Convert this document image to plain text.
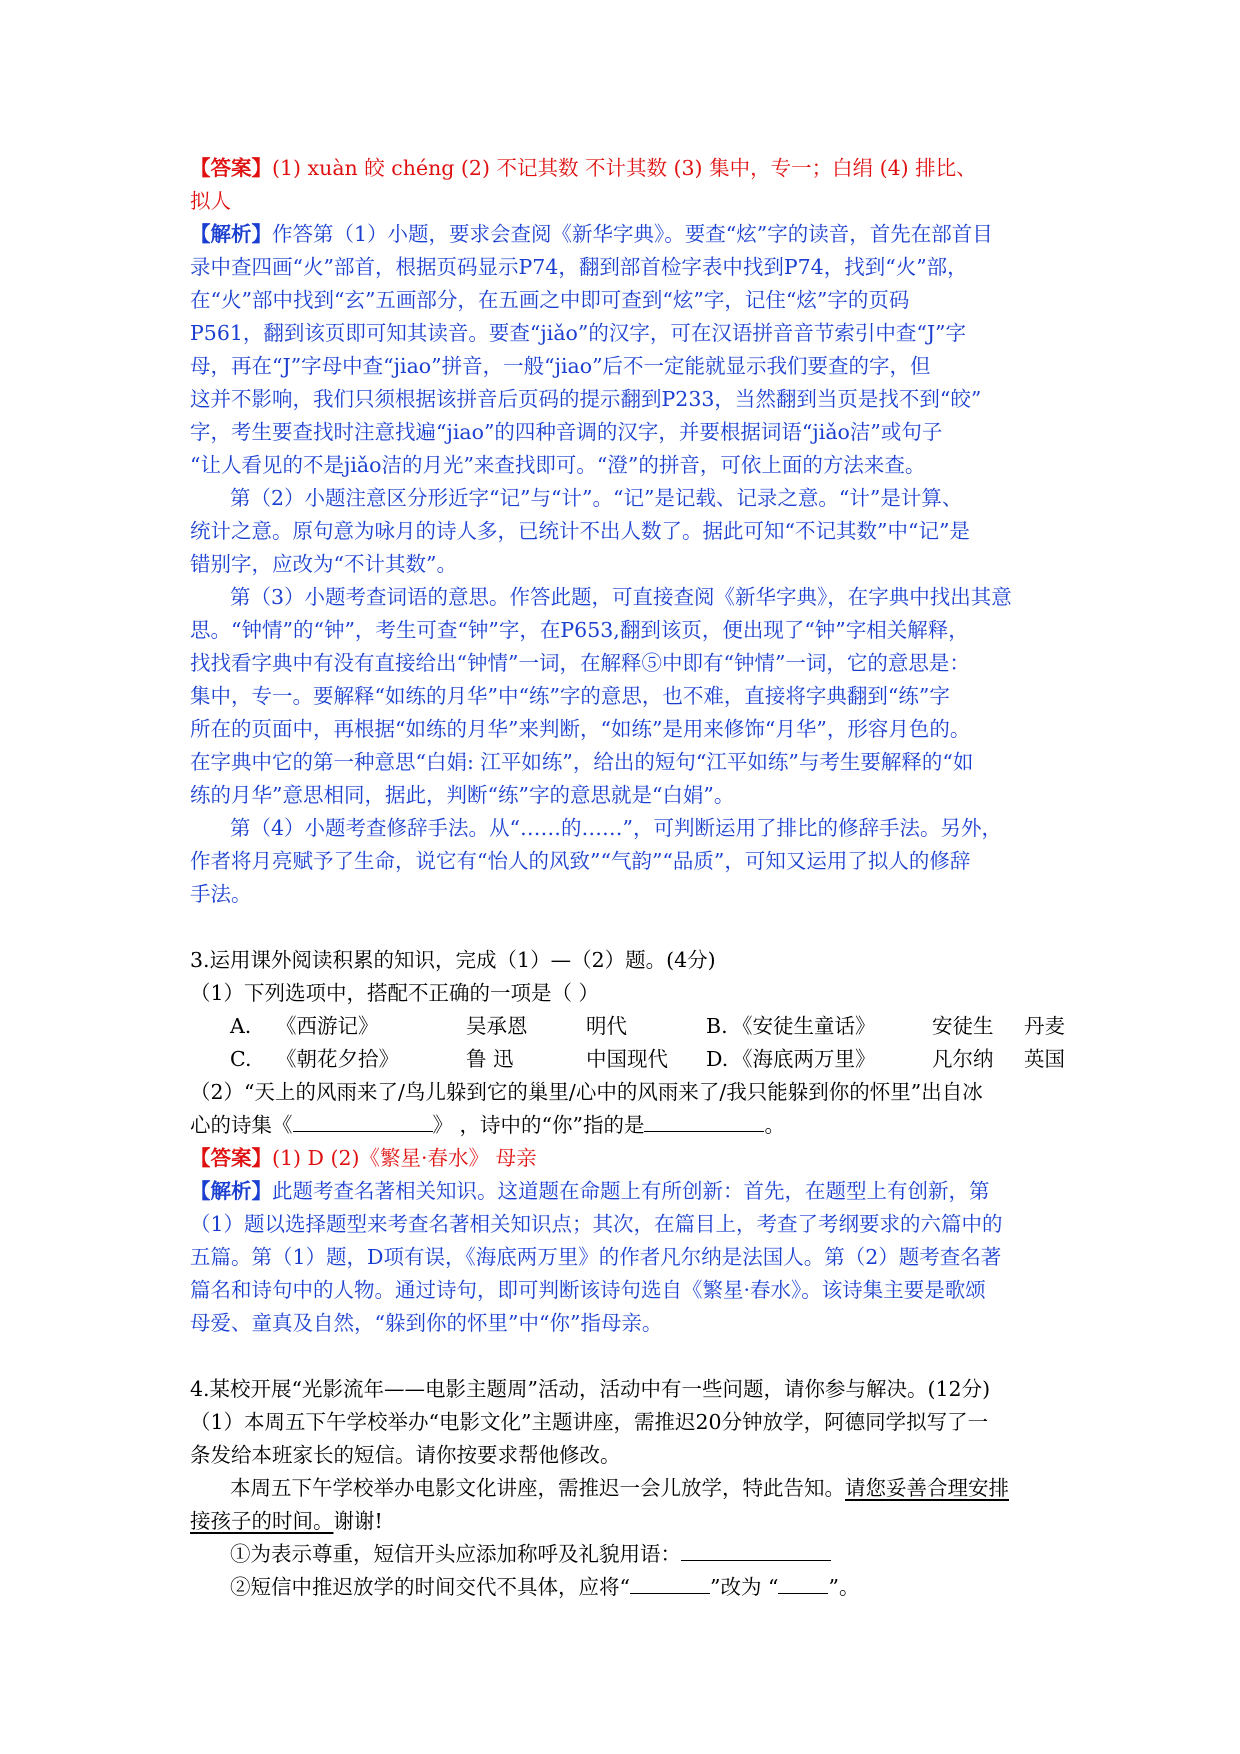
【答案】(1) xuàn 皎 chéng (2) 不记其数 不计其数 (3) 集中，专一；白绢 (4) 排比、
拟人
【解析】作答第（1）小题，要求会查阅《新华字典》。要查“炫”字的读音，首先在部首目
录中查四画“火”部首，根据页码显示P74，翻到部首检字表中找到P74，找到“火”部，
在“火”部中找到“玄”五画部分，在五画之中即可查到“炫”字，记住“炫”字的页码
P561，翻到该页即可知其读音。要查“jiǎo”的汉字，可在汉语拼音音节索引中查“J”字
母，再在“J”字母中查“jiao”拼音，一般“jiao”后不一定能就显示我们要查的字，但
这并不影响，我们只须根据该拼音后页码的提示翻到P233，当然翻到当页是找不到“皎”
字，考生要查找时注意找遍“jiao”的四种音调的汉字，并要根据词语“jiǎo洁”或句子
“让人看见的不是jiǎo洁的月光”来查找即可。“澄”的拼音，可依上面的方法来查。
第（2）小题注意区分形近字“记”与“计”。“记”是记载、记录之意。“计”是计算、
统计之意。原句意为咏月的诗人多，已统计不出人数了。据此可知“不记其数”中“记”是
错别字，应改为“不计其数”。
第（3）小题考查词语的意思。作答此题，可直接查阅《新华字典》，在字典中找出其意
思。“钟情”的“钟”，考生可查“钟”字，在P653,翻到该页，便出现了“钟”字相关解释，
找找看字典中有没有直接给出“钟情”一词，在解释⑤中即有“钟情”一词，它的意思是：
集中，专一。要解释“如练的月华”中“练”字的意思，也不难，直接将字典翻到“练”字
所在的页面中，再根据“如练的月华”来判断，“如练”是用来修饰“月华”，形容月色的。
在字典中它的第一种意思“白娟: 江平如练”，给出的短句“江平如练”与考生要解释的“如
练的月华”意思相同，据此，判断“练”字的意思就是“白娟”。
第（4）小题考查修辞手法。从“……的……”，可判断运用了排比的修辞手法。另外，
作者将月亮赋予了生命，说它有“怡人的风致”“气韵”“品质”，可知又运用了拟人的修辞
手法。
3.运用课外阅读积累的知识，完成（1）—（2）题。(4分)
（1）下列选项中，搭配不正确的一项是（ ）
A. 《西游记》	吴承恩	明代	B. 《安徒生童话》	安徒生 丹麦
C. 《朝花夕拾》	鲁 迅	中国现代 D. 《海底两万里》	凡尔纳 英国
（2）“天上的风雨来了/鸟儿躲到它的巢里/心中的风雨来了/我只能躲到你的怀里”出自冰
心的诗集《	》 ，诗中的“你”指的是	。
【答案】(1) D (2)《繁星·春水》 母亲
【解析】此题考查名著相关知识。这道题在命题上有所创新：首先，在题型上有创新，第
（1）题以选择题型来考查名著相关知识点；其次，在篇目上，考查了考纲要求的六篇中的
五篇。第（1）题，D项有误，《海底两万里》的作者凡尔纳是法国人。第（2）题考查名著
篇名和诗句中的人物。通过诗句，即可判断该诗句选自《繁星·春水》。该诗集主要是歌颂
母爱、童真及自然，“躲到你的怀里”中“你”指母亲。
4.某校开展“光影流年——电影主题周”活动，活动中有一些问题，请你参与解决。(12分)
（1）本周五下午学校举办“电影文化”主题讲座，需推迟20分钟放学，阿德同学拟写了一
条发给本班家长的短信。请你按要求帮他修改。
本周五下午学校举办电影文化讲座，需推迟一会儿放学，特此告知。请您妥善合理安排
接孩子的时间。谢谢!
①为表示尊重，短信开头应添加称呼及礼貌用语：
②短信中推迟放学的时间交代不具体，应将“	”改为 “ ”。
